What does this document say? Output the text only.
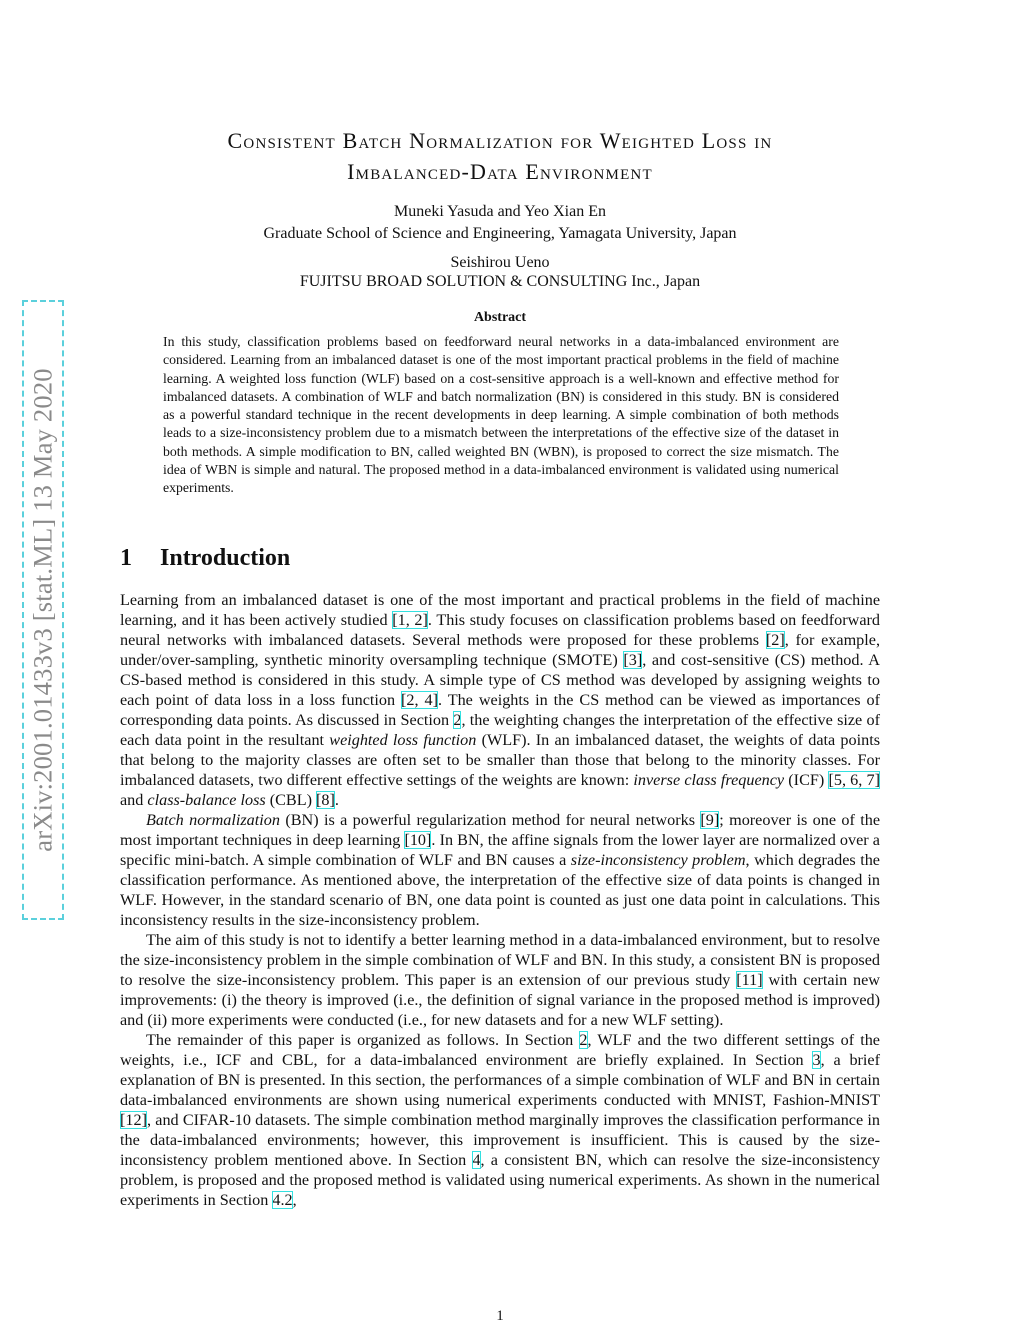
arXiv:2001.01433v3 [stat.ML] 13 May 2020
Consistent Batch Normalization for Weighted Loss in
Imbalanced-Data Environment
Muneki Yasuda and Yeo Xian En
Graduate School of Science and Engineering, Yamagata University, Japan
Seishirou Ueno
FUJITSU BROAD SOLUTION & CONSULTING Inc., Japan
Abstract

In this study, classification problems based on feedforward neural networks in a data-imbalanced environment are considered. Learning from an imbalanced dataset is one of the most important practical problems in the field of machine learning. A weighted loss function (WLF) based on a cost-sensitive approach is a well-known and effective method for imbalanced datasets. A combination of WLF and batch normalization (BN) is considered in this study. BN is considered as a powerful standard technique in the recent developments in deep learning. A simple combination of both methods leads to a size-inconsistency problem due to a mismatch between the interpretations of the effective size of the dataset in both methods. A simple modification to BN, called weighted BN (WBN), is proposed to correct the size mismatch. The idea of WBN is simple and natural. The proposed method in a data-imbalanced environment is validated using numerical experiments.

1 Introduction

Learning from an imbalanced dataset is one of the most important and practical problems in the field of machine learning, and it has been actively studied [1, 2]. This study focuses on classification problems based on feedforward neural networks with imbalanced datasets. Several methods were proposed for these problems [2], for example, under/over-sampling, synthetic minority oversampling technique (SMOTE) [3], and cost-sensitive (CS) method. A CS-based method is considered in this study. A simple type of CS method was developed by assigning weights to each point of data loss in a loss function [2, 4]. The weights in the CS method can be viewed as importances of corresponding data points. As discussed in Section 2, the weighting changes the interpretation of the effective size of each data point in the resultant weighted loss function (WLF). In an imbalanced dataset, the weights of data points that belong to the majority classes are often set to be smaller than those that belong to the minority classes. For imbalanced datasets, two different effective settings of the weights are known: inverse class frequency (ICF) [5, 6, 7] and class-balance loss (CBL) [8].

Batch normalization (BN) is a powerful regularization method for neural networks [9]; moreover is one of the most important techniques in deep learning [10]. In BN, the affine signals from the lower layer are normalized over a specific mini-batch. A simple combination of WLF and BN causes a size-inconsistency problem, which degrades the classification performance. As mentioned above, the interpretation of the effective size of data points is changed in WLF. However, in the standard scenario of BN, one data point is counted as just one data point in calculations. This inconsistency results in the size-inconsistency problem.

The aim of this study is not to identify a better learning method in a data-imbalanced environment, but to resolve the size-inconsistency problem in the simple combination of WLF and BN. In this study, a consistent BN is proposed to resolve the size-inconsistency problem. This paper is an extension of our previous study [11] with certain new improvements: (i) the theory is improved (i.e., the definition of signal variance in the proposed method is improved) and (ii) more experiments were conducted (i.e., for new datasets and for a new WLF setting).

The remainder of this paper is organized as follows. In Section 2, WLF and the two different settings of the weights, i.e., ICF and CBL, for a data-imbalanced environment are briefly explained. In Section 3, a brief explanation of BN is presented. In this section, the performances of a simple combination of WLF and BN in certain data-imbalanced environments are shown using numerical experiments conducted with MNIST, Fashion-MNIST [12], and CIFAR-10 datasets. The simple combination method marginally improves the classification performance in the data-imbalanced environments; however, this improvement is insufficient. This is caused by the size-inconsistency problem mentioned above. In Section 4, a consistent BN, which can resolve the size-inconsistency problem, is proposed and the proposed method is validated using numerical experiments. As shown in the numerical experiments in Section 4.2,

1
